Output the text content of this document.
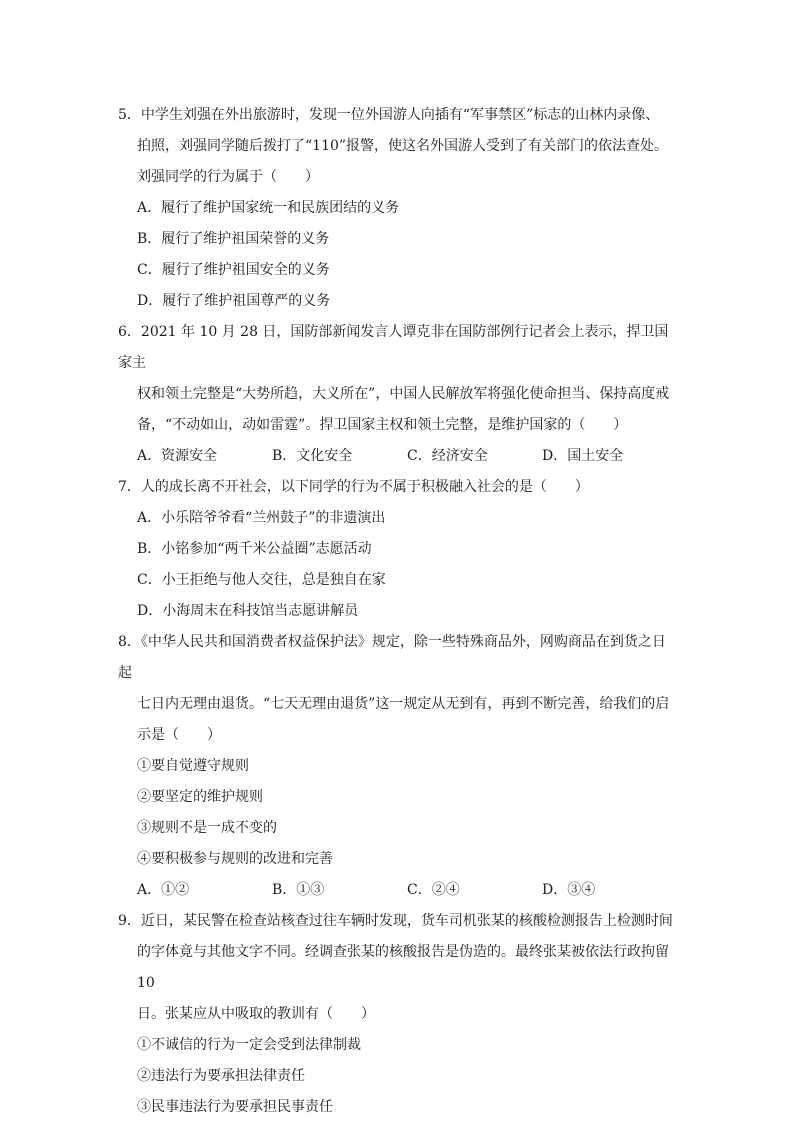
5．中学生刘强在外出旅游时，发现一位外国游人向插有“军事禁区”标志的山林内录像、
拍照，刘强同学随后拨打了“110”报警，使这名外国游人受到了有关部门的依法查处。
刘强同学的行为属于（　　）
A．履行了维护国家统一和民族团结的义务
B．履行了维护祖国荣誉的义务
C．履行了维护祖国安全的义务
D．履行了维护祖国尊严的义务
6．2021 年 10 月 28 日，国防部新闻发言人谭克非在国防部例行记者会上表示，捍卫国家主
权和领土完整是“大势所趋，大义所在”，中国人民解放军将强化使命担当、保持高度戒
备，“不动如山，动如雷霆”。捍卫国家主权和领土完整，是维护国家的（　　）
A．资源安全	B．文化安全	C．经济安全	D．国土安全
7．人的成长离不开社会，以下同学的行为不属于积极融入社会的是（　　）
A．小乐陪爷爷看“兰州鼓子”的非遗演出
B．小铭参加“两千米公益圈”志愿活动
C．小王拒绝与他人交往，总是独自在家
D．小海周末在科技馆当志愿讲解员
8．《中华人民共和国消费者权益保护法》规定，除一些特殊商品外，网购商品在到货之日起
七日内无理由退货。“七天无理由退货”这一规定从无到有，再到不断完善，给我们的启
示是（　　）
①要自觉遵守规则
②要坚定的维护规则
③规则不是一成不变的
④要积极参与规则的改进和完善
A．①②	B．①③	C．②④	D．③④
9．近日，某民警在检查站核查过往车辆时发现，货车司机张某的核酸检测报告上检测时间
的字体竟与其他文字不同。经调查张某的核酸报告是伪造的。最终张某被依法行政拘留 10
日。张某应从中吸取的教训有（　　）
①不诚信的行为一定会受到法律制裁
②违法行为要承担法律责任
③民事违法行为要承担民事责任
